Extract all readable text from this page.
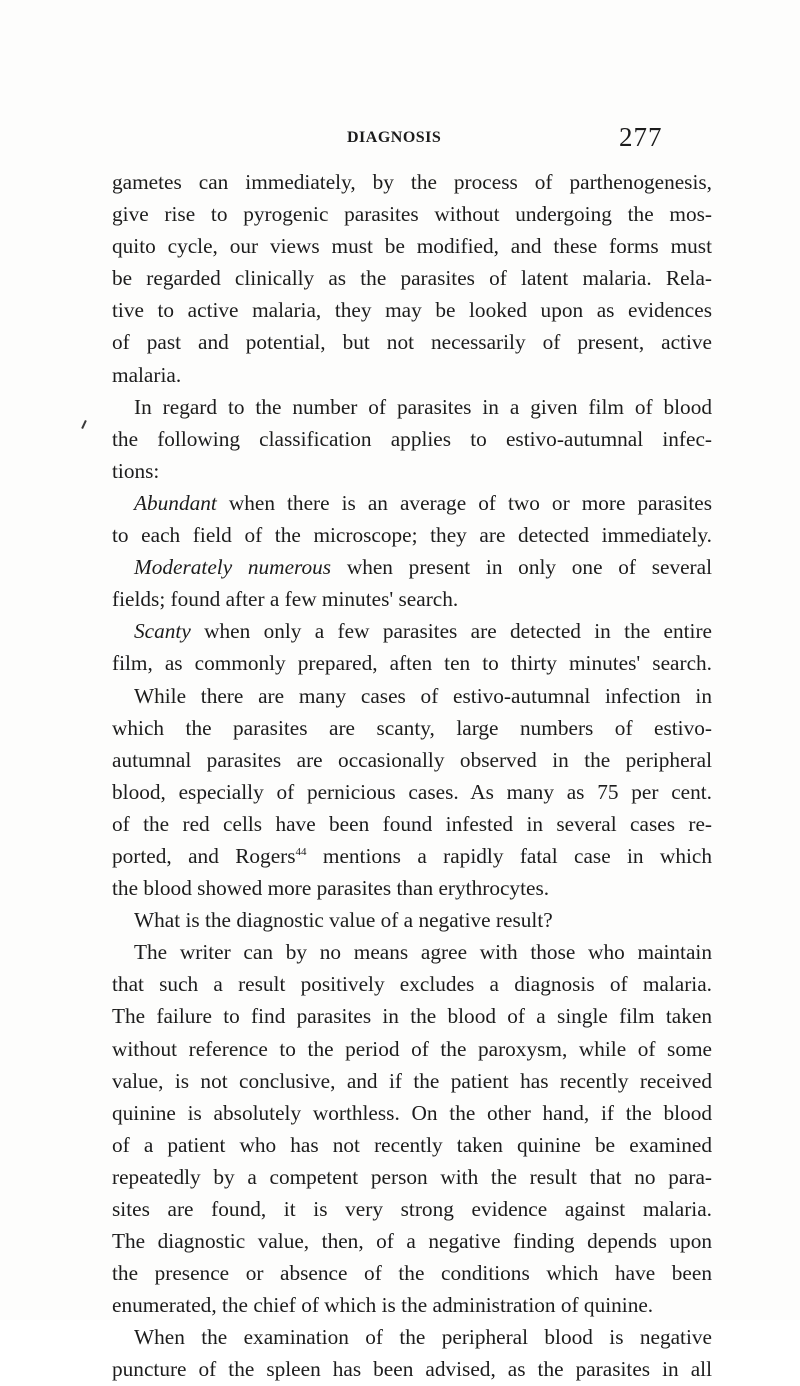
DIAGNOSIS	277
gametes can immediately, by the process of parthenogenesis,
give rise to pyrogenic parasites without undergoing the mos-
quito cycle, our views must be modified, and these forms must
be regarded clinically as the parasites of latent malaria. Rela-
tive to active malaria, they may be looked upon as evidences
of past and potential, but not necessarily of present, active
malaria.
In regard to the number of parasites in a given film of blood
the following classification applies to estivo-autumnal infec-
tions:
Abundant when there is an average of two or more parasites
to each field of the microscope; they are detected immediately.
Moderately numerous when present in only one of several
fields; found after a few minutes' search.
Scanty when only a few parasites are detected in the entire
film, as commonly prepared, aften ten to thirty minutes' search.
While there are many cases of estivo-autumnal infection in
which the parasites are scanty, large numbers of estivo-
autumnal parasites are occasionally observed in the peripheral
blood, especially of pernicious cases. As many as 75 per cent.
of the red cells have been found infested in several cases re-
ported, and Rogers$^{44}$ mentions a rapidly fatal case in which
the blood showed more parasites than erythrocytes.
What is the diagnostic value of a negative result?
The writer can by no means agree with those who maintain
that such a result positively excludes a diagnosis of malaria.
The failure to find parasites in the blood of a single film taken
without reference to the period of the paroxysm, while of some
value, is not conclusive, and if the patient has recently received
quinine is absolutely worthless. On the other hand, if the blood
of a patient who has not recently taken quinine be examined
repeatedly by a competent person with the result that no para-
sites are found, it is very strong evidence against malaria.
The diagnostic value, then, of a negative finding depends upon
the presence or absence of the conditions which have been
enumerated, the chief of which is the administration of quinine.
When the examination of the peripheral blood is negative
puncture of the spleen has been advised, as the parasites in all
